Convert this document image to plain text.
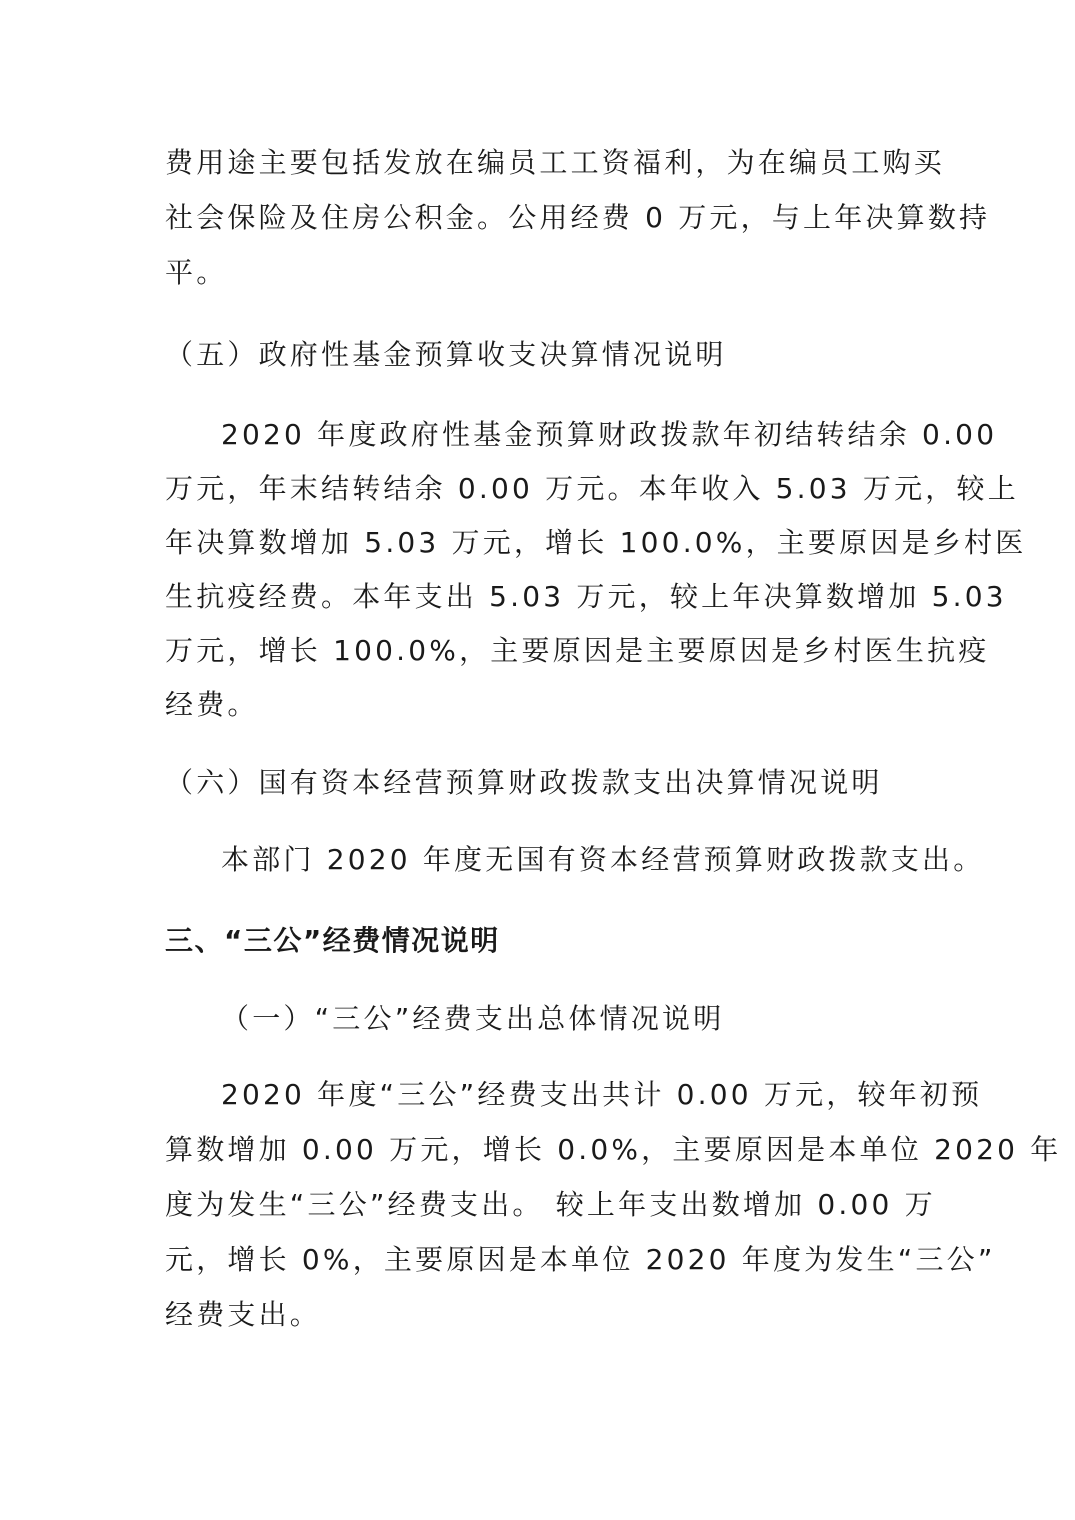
费用途主要包括发放在编员工工资福利，为在编员工购买
社会保险及住房公积金。公用经费 0 万元，与上年决算数持
平。
（五）政府性基金预算收支决算情况说明
2020 年度政府性基金预算财政拨款年初结转结余 0.00
万元，年末结转结余 0.00 万元。本年收入 5.03 万元，较上
年决算数增加 5.03 万元，增长 100.0%，主要原因是乡村医
生抗疫经费。本年支出 5.03 万元，较上年决算数增加 5.03
万元，增长 100.0%，主要原因是主要原因是乡村医生抗疫
经费。
（六）国有资本经营预算财政拨款支出决算情况说明
本部门 2020 年度无国有资本经营预算财政拨款支出。
三、“三公”经费情况说明
（一）“三公”经费支出总体情况说明
2020 年度“三公”经费支出共计 0.00 万元，较年初预
算数增加 0.00 万元，增长 0.0%，主要原因是本单位 2020 年
度为发生“三公”经费支出。 较上年支出数增加 0.00 万
元，增长 0%，主要原因是本单位 2020 年度为发生“三公”
经费支出。
